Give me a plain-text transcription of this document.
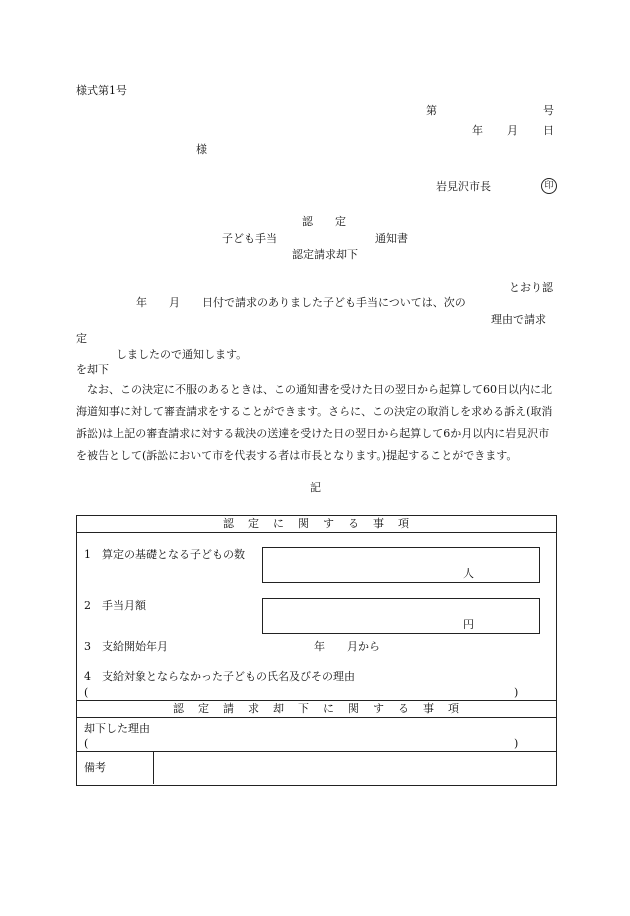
様式第1号
第	号
年 月 日
様
岩見沢市長	印
認　　定
子ども手当	通知書
認定請求却下
とおり認
年　　月　　日付で請求のありました子ども手当については、次の
理由で請求
定
しましたので通知します。
を却下
　なお、この決定に不服のあるときは、この通知書を受けた日の翌日から起算して60日以内に北海道知事に対して審査請求をすることができます。さらに、この決定の取消しを求める訴え(取消訴訟)は上記の審査請求に対する裁決の送達を受けた日の翌日から起算して6か月以内に岩見沢市を被告として(訴訟において市を代表する者は市長となります。)提起することができます。
記
認定に関する事項
1　算定の基礎となる子どもの数
人
2　手当月額
円
3　支給開始年月	年　　月から
4　支給対象とならなかった子どもの氏名及びその理由
(	)
認定請求却下に関する事項
却下した理由
(	)
備考
